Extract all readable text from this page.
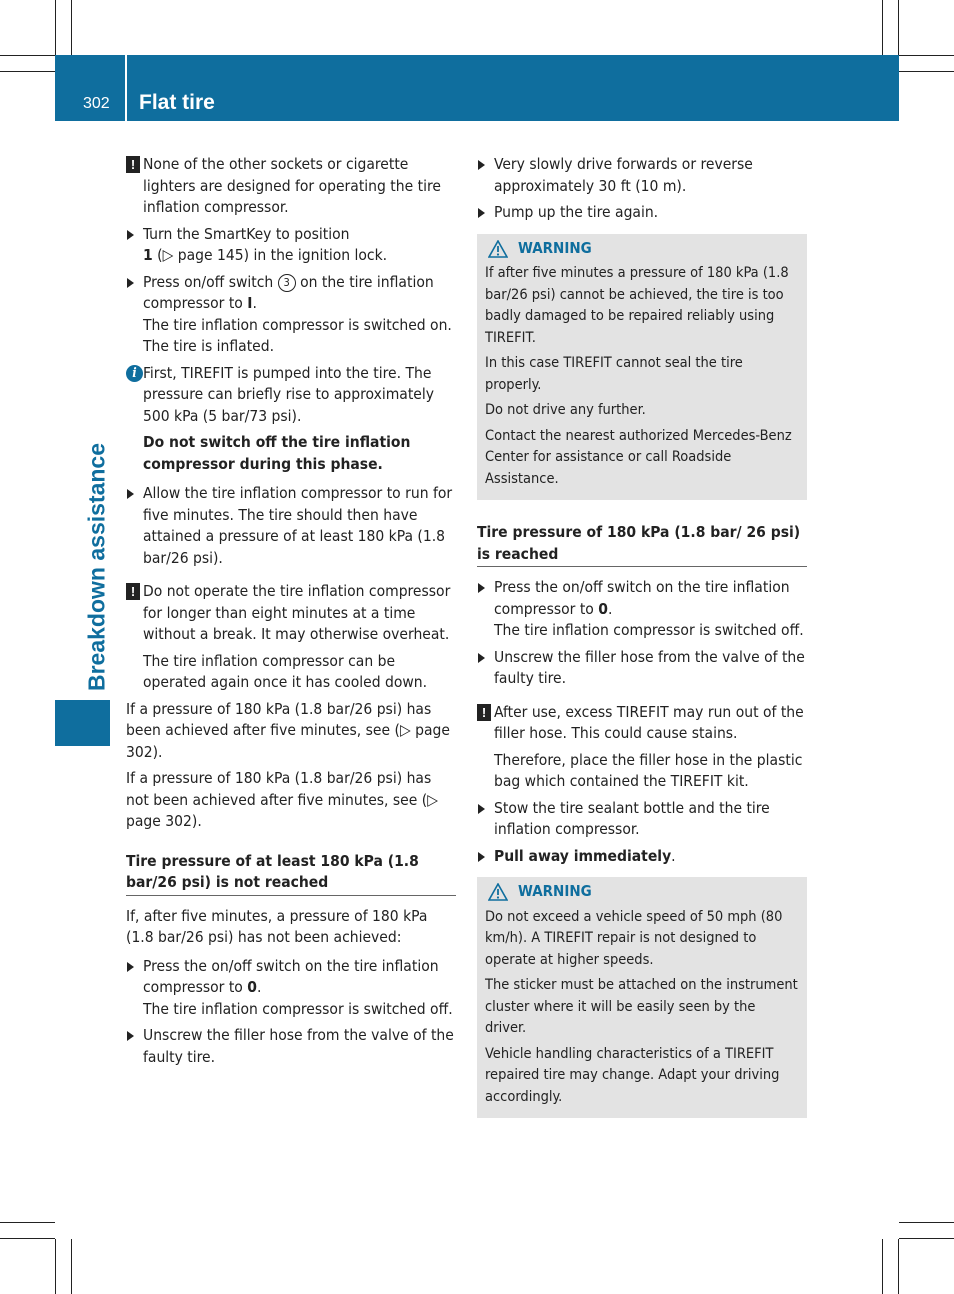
302 Flat tire
Breakdown assistance
! None of the other sockets or cigarette lighters are designed for operating the tire inflation compressor.
Turn the SmartKey to position
1 (▷ page 145) in the ignition lock.
Press on/off switch 3 on the tire inflation compressor to I.
The tire inflation compressor is switched on. The tire is inflated.
i First, TIREFIT is pumped into the tire. The pressure can briefly rise to approximately 500 kPa (5 bar/73 psi).
Do not switch off the tire inflation compressor during this phase.
Allow the tire inflation compressor to run for five minutes. The tire should then have attained a pressure of at least 180 kPa (1.8 bar/26 psi).
! Do not operate the tire inflation compressor for longer than eight minutes at a time without a break. It may otherwise overheat.
The tire inflation compressor can be operated again once it has cooled down.
If a pressure of 180 kPa (1.8 bar/26 psi) has been achieved after five minutes, see (▷ page 302).
If a pressure of 180 kPa (1.8 bar/26 psi) has not been achieved after five minutes, see (▷ page 302).
Tire pressure of at least 180 kPa (1.8 bar/26 psi) is not reached
If, after five minutes, a pressure of 180 kPa (1.8 bar/26 psi) has not been achieved:
Press the on/off switch on the tire inflation compressor to 0.
The tire inflation compressor is switched off.
Unscrew the filler hose from the valve of the faulty tire.
Very slowly drive forwards or reverse approximately 30 ft (10 m).
Pump up the tire again.
WARNING
If after five minutes a pressure of 180 kPa (1.8 bar/26 psi) cannot be achieved, the tire is too badly damaged to be repaired reliably using TIREFIT.
In this case TIREFIT cannot seal the tire properly.
Do not drive any further.
Contact the nearest authorized Mercedes-Benz Center for assistance or call Roadside Assistance.
Tire pressure of 180 kPa (1.8 bar/ 26 psi) is reached
Press the on/off switch on the tire inflation compressor to 0.
The tire inflation compressor is switched off.
Unscrew the filler hose from the valve of the faulty tire.
! After use, excess TIREFIT may run out of the filler hose. This could cause stains.
Therefore, place the filler hose in the plastic bag which contained the TIREFIT kit.
Stow the tire sealant bottle and the tire inflation compressor.
Pull away immediately.
WARNING
Do not exceed a vehicle speed of 50 mph (80 km/h). A TIREFIT repair is not designed to operate at higher speeds.
The sticker must be attached on the instrument cluster where it will be easily seen by the driver.
Vehicle handling characteristics of a TIREFIT repaired tire may change. Adapt your driving accordingly.
